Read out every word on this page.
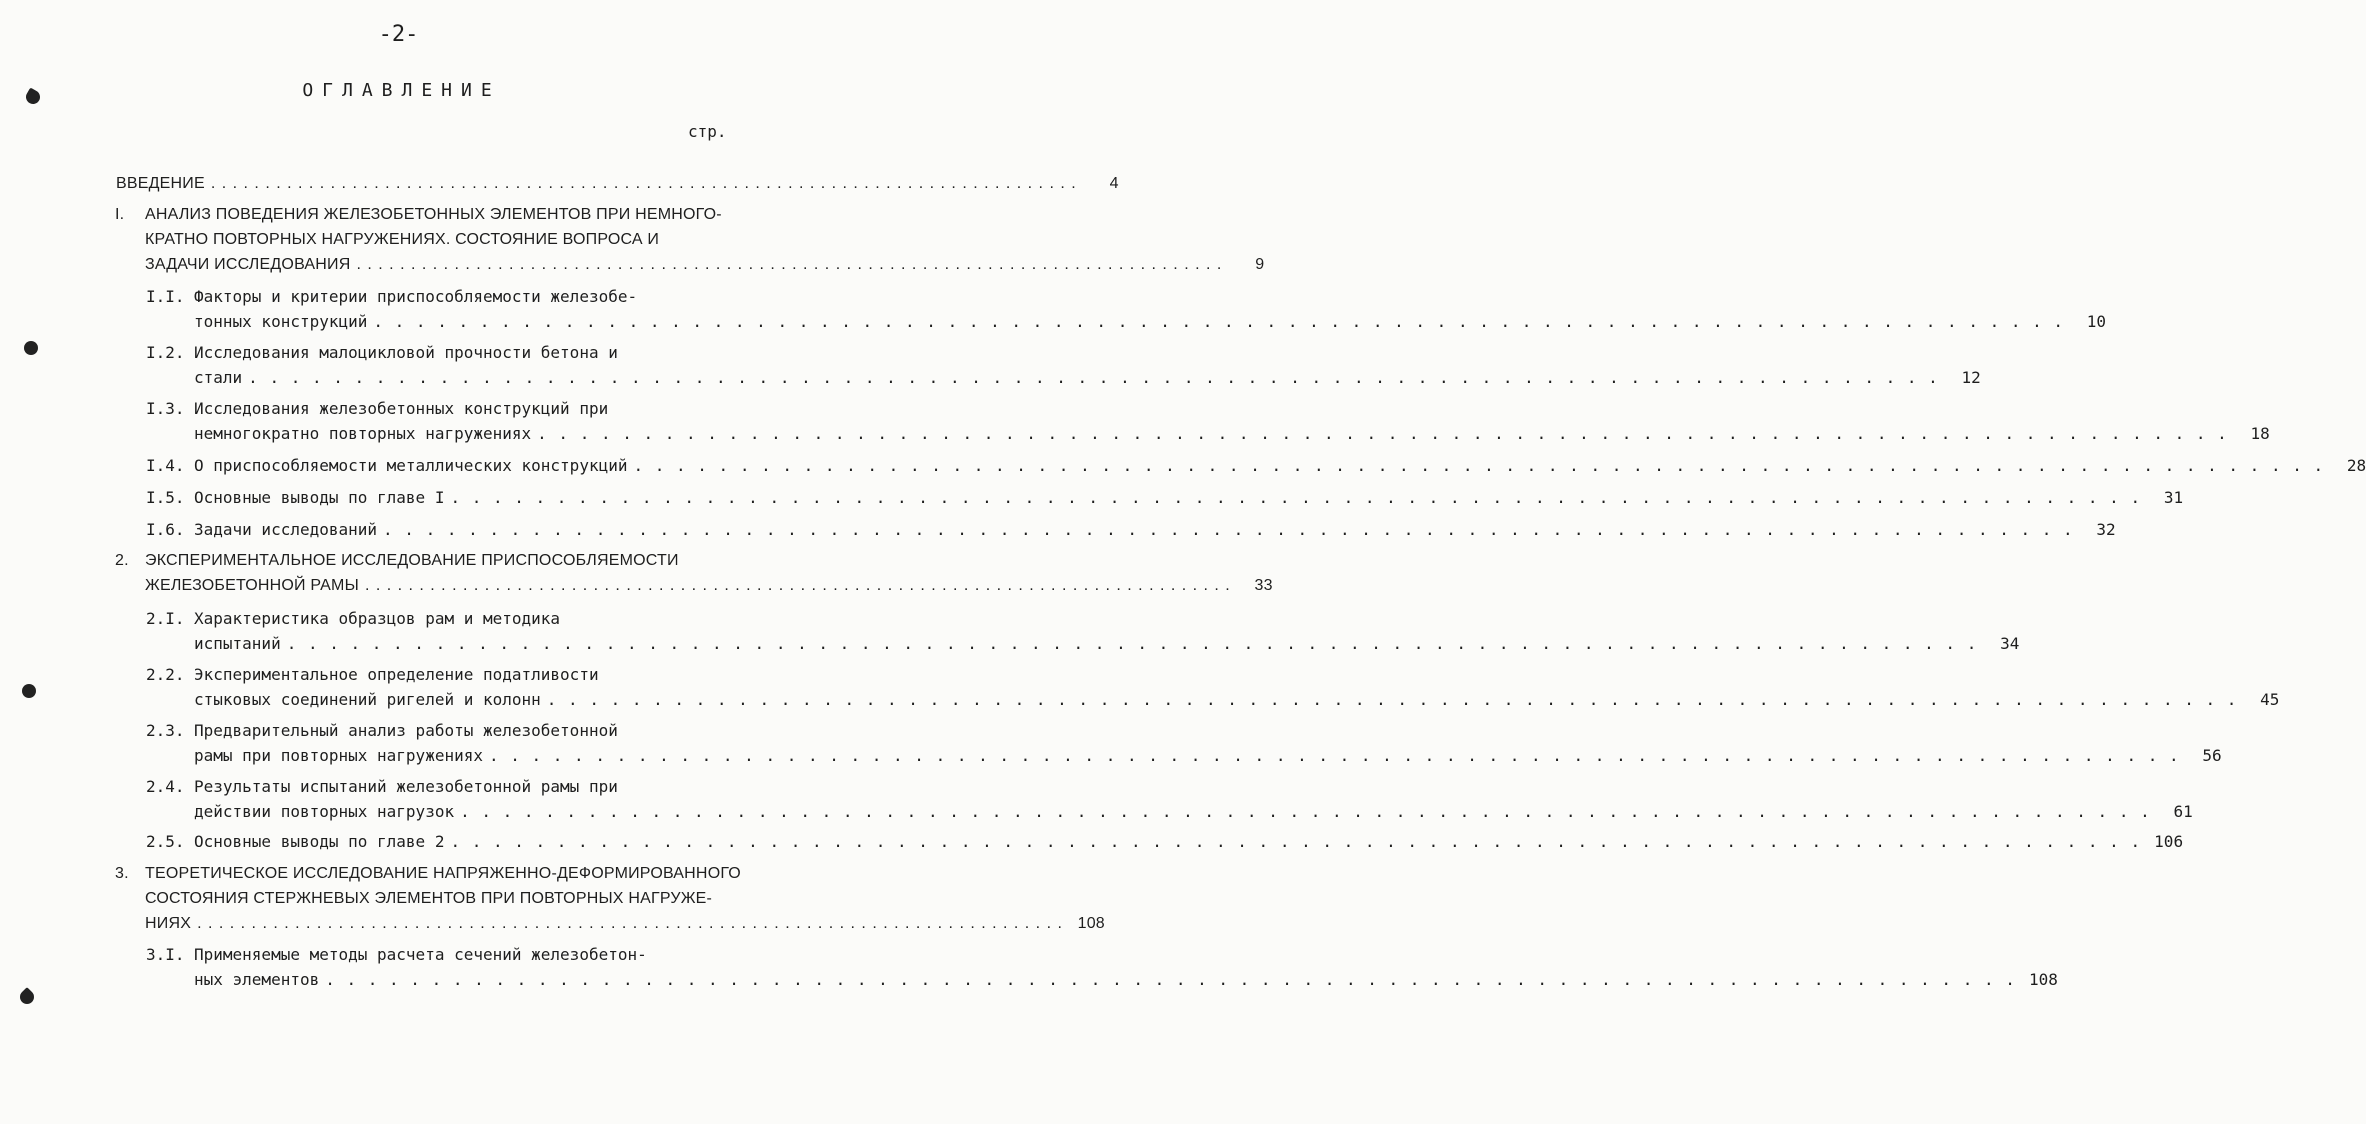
-2-
ОГЛАВЛЕНИЕ
стр.
ВВЕДЕНИЕ . . . . . . . . . . . . . . . . . . . . . . . . . . . . . . . . . . . . . . . . . . . . . . . . . . . . . . . . . . . . . . . . . . . . . . . . . . . . . . . .	4
I. АНАЛИЗ ПОВЕДЕНИЯ ЖЕЛЕЗОБЕТОННЫХ ЭЛЕМЕНТОВ ПРИ НЕМНОГО-
КРАТНО ПОВТОРНЫХ НАГРУЖЕНИЯХ. СОСТОЯНИЕ ВОПРОСА И
ЗАДАЧИ ИССЛЕДОВАНИЯ . . . . . . . . . . . . . . . . . . . . . . . . . . . . . . . . . . . . . . . . . . . . . . . . . . . . . . . . . . . . . . . . . . . . . . . . . . . . . . . .	9
I.I. Факторы и критерии приспособляемости железобе-
тонных конструкций . . . . . . . . . . . . . . . . . . . . . . . . . . . . . . . . . . . . . . . . . . . . . . . . . . . . . . . . . . . . . . . . . . . . . . . . . . . . . . . .	10
I.2. Исследования малоцикловой прочности бетона и
стали . . . . . . . . . . . . . . . . . . . . . . . . . . . . . . . . . . . . . . . . . . . . . . . . . . . . . . . . . . . . . . . . . . . . . . . . . . . . . . . .	12
I.3. Исследования железобетонных конструкций при
немногократно повторных нагружениях . . . . . . . . . . . . . . . . . . . . . . . . . . . . . . . . . . . . . . . . . . . . . . . . . . . . . . . . . . . . . . . . . . . . . . . . . . . . . . . .	18
I.4. О приспособляемости металлических конструкций . . . . . . . . . . . . . . . . . . . . . . . . . . . . . . . . . . . . . . . . . . . . . . . . . . . . . . . . . . . . . . . . . . . . . . . . . . . . . . . .	28
I.5. Основные выводы по главе I . . . . . . . . . . . . . . . . . . . . . . . . . . . . . . . . . . . . . . . . . . . . . . . . . . . . . . . . . . . . . . . . . . . . . . . . . . . . . . . .	31
I.6. Задачи исследований . . . . . . . . . . . . . . . . . . . . . . . . . . . . . . . . . . . . . . . . . . . . . . . . . . . . . . . . . . . . . . . . . . . . . . . . . . . . . . . .	32
2. ЭКСПЕРИМЕНТАЛЬНОЕ ИССЛЕДОВАНИЕ ПРИСПОСОБЛЯЕМОСТИ
ЖЕЛЕЗОБЕТОННОЙ РАМЫ . . . . . . . . . . . . . . . . . . . . . . . . . . . . . . . . . . . . . . . . . . . . . . . . . . . . . . . . . . . . . . . . . . . . . . . . . . . . . . . .	33
2.I. Характеристика образцов рам и методика
испытаний . . . . . . . . . . . . . . . . . . . . . . . . . . . . . . . . . . . . . . . . . . . . . . . . . . . . . . . . . . . . . . . . . . . . . . . . . . . . . . . .	34
2.2. Экспериментальное определение податливости
стыковых соединений ригелей и колонн . . . . . . . . . . . . . . . . . . . . . . . . . . . . . . . . . . . . . . . . . . . . . . . . . . . . . . . . . . . . . . . . . . . . . . . . . . . . . . . .	45
2.3. Предварительный анализ работы железобетонной
рамы при повторных нагружениях . . . . . . . . . . . . . . . . . . . . . . . . . . . . . . . . . . . . . . . . . . . . . . . . . . . . . . . . . . . . . . . . . . . . . . . . . . . . . . . .	56
2.4. Результаты испытаний железобетонной рамы при
действии повторных нагрузок . . . . . . . . . . . . . . . . . . . . . . . . . . . . . . . . . . . . . . . . . . . . . . . . . . . . . . . . . . . . . . . . . . . . . . . . . . . . . . . .	61
2.5. Основные выводы по главе 2 . . . . . . . . . . . . . . . . . . . . . . . . . . . . . . . . . . . . . . . . . . . . . . . . . . . . . . . . . . . . . . . . . . . . . . . . . . . . . . . . 106
3. ТЕОРЕТИЧЕСКОЕ ИССЛЕДОВАНИЕ НАПРЯЖЕННО-ДЕФОРМИРОВАННОГО
СОСТОЯНИЯ СТЕРЖНЕВЫХ ЭЛЕМЕНТОВ ПРИ ПОВТОРНЫХ НАГРУЖЕ-
НИЯХ . . . . . . . . . . . . . . . . . . . . . . . . . . . . . . . . . . . . . . . . . . . . . . . . . . . . . . . . . . . . . . . . . . . . . . . . . . . . . . . . 108
3.I. Применяемые методы расчета сечений железобетон-
ных элементов . . . . . . . . . . . . . . . . . . . . . . . . . . . . . . . . . . . . . . . . . . . . . . . . . . . . . . . . . . . . . . . . . . . . . . . . . . . . . . . . 108
